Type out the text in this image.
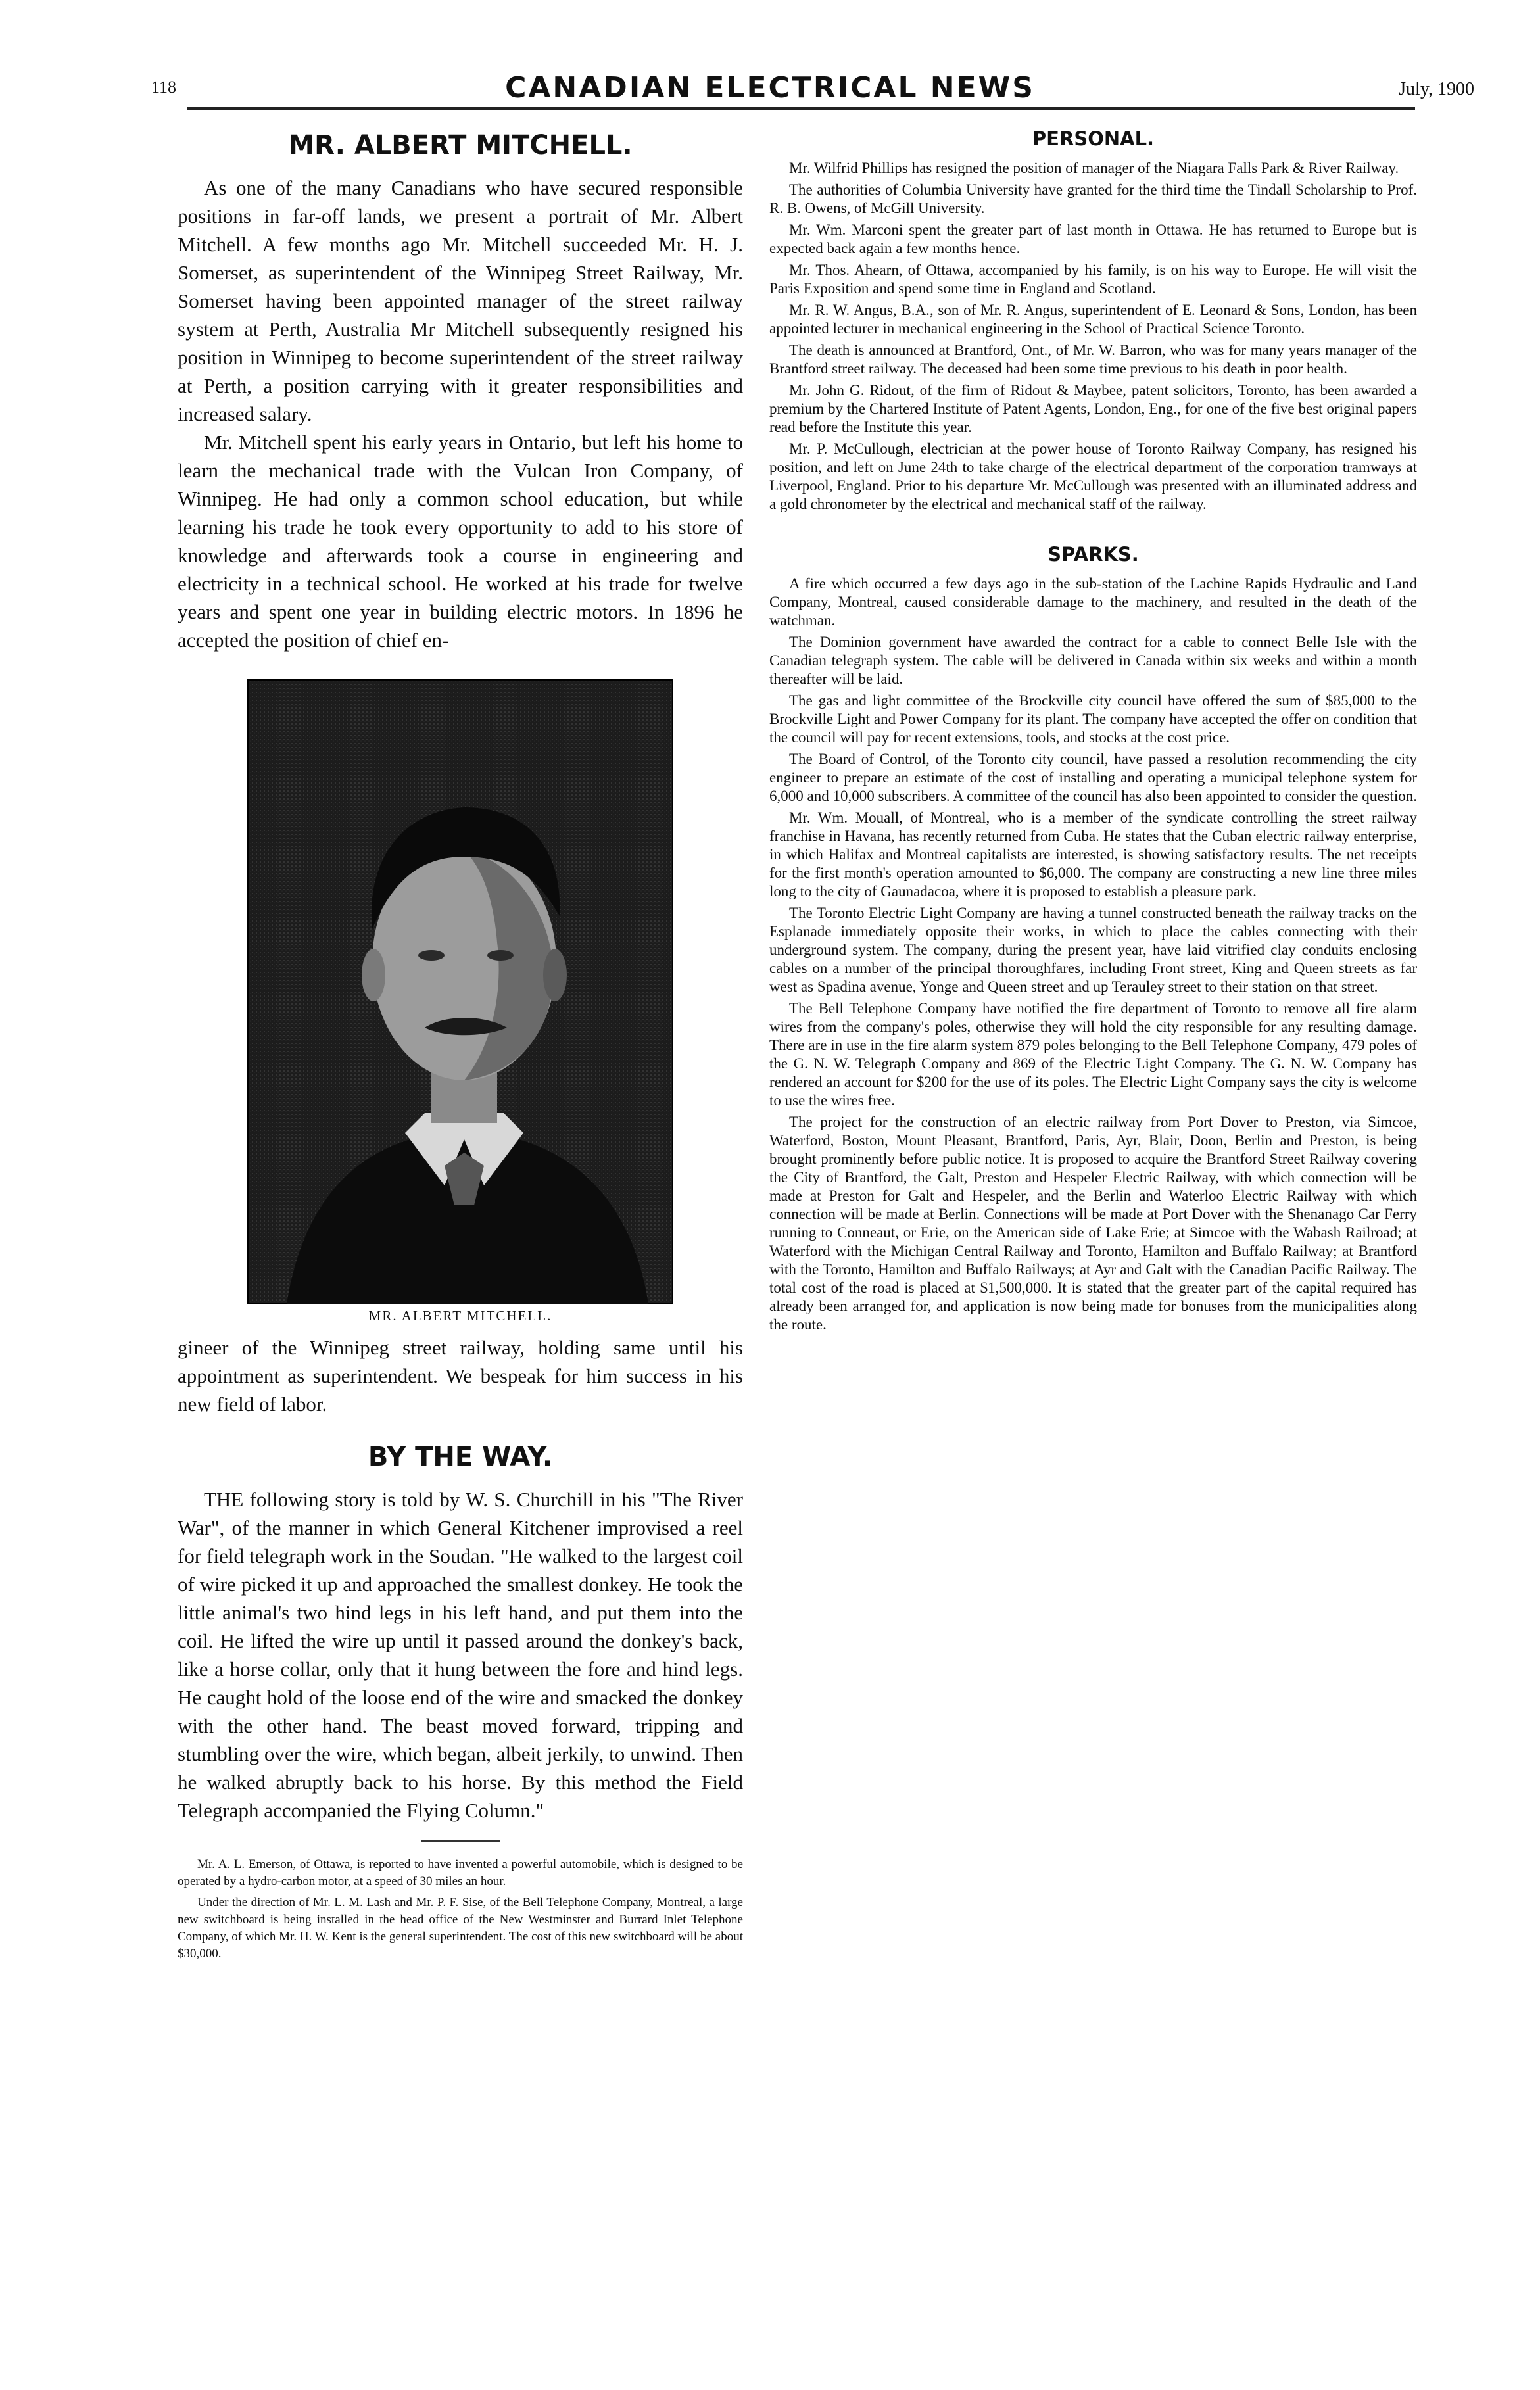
118	CANADIAN ELECTRICAL NEWS	July, 1900
MR. ALBERT MITCHELL.

As one of the many Canadians who have secured responsible positions in far-off lands, we present a portrait of Mr. Albert Mitchell. A few months ago Mr. Mitchell succeeded Mr. H. J. Somerset, as superintendent of the Winnipeg Street Railway, Mr. Somerset having been appointed manager of the street railway system at Perth, Australia Mr Mitchell subsequently resigned his position in Winnipeg to become superintendent of the street railway at Perth, a position carrying with it greater responsibilities and increased salary.

Mr. Mitchell spent his early years in Ontario, but left his home to learn the mechanical trade with the Vulcan Iron Company, of Winnipeg. He had only a common school education, but while learning his trade he took every opportunity to add to his store of knowledge and afterwards took a course in engineering and electricity in a technical school. He worked at his trade for twelve years and spent one year in building electric motors. In 1896 he accepted the position of chief en-

MR. ALBERT MITCHELL.

gineer of the Winnipeg street railway, holding same until his appointment as superintendent. We bespeak for him success in his new field of labor.

BY THE WAY.

THE following story is told by W. S. Churchill in his "The River War", of the manner in which General Kitchener improvised a reel for field telegraph work in the Soudan. "He walked to the largest coil of wire picked it up and approached the smallest donkey. He took the little animal's two hind legs in his left hand, and put them into the coil. He lifted the wire up until it passed around the donkey's back, like a horse collar, only that it hung between the fore and hind legs. He caught hold of the loose end of the wire and smacked the donkey with the other hand. The beast moved forward, tripping and stumbling over the wire, which began, albeit jerkily, to unwind. Then he walked abruptly back to his horse. By this method the Field Telegraph accompanied the Flying Column."

Mr. A. L. Emerson, of Ottawa, is reported to have invented a powerful automobile, which is designed to be operated by a hydro-carbon motor, at a speed of 30 miles an hour.

Under the direction of Mr. L. M. Lash and Mr. P. F. Sise, of the Bell Telephone Company, Montreal, a large new switchboard is being installed in the head office of the New Westminster and Burrard Inlet Telephone Company, of which Mr. H. W. Kent is the general superintendent. The cost of this new switchboard will be about $30,000.

PERSONAL.

Mr. Wilfrid Phillips has resigned the position of manager of the Niagara Falls Park & River Railway.

The authorities of Columbia University have granted for the third time the Tindall Scholarship to Prof. R. B. Owens, of McGill University.

Mr. Wm. Marconi spent the greater part of last month in Ottawa. He has returned to Europe but is expected back again a few months hence.

Mr. Thos. Ahearn, of Ottawa, accompanied by his family, is on his way to Europe. He will visit the Paris Exposition and spend some time in England and Scotland.

Mr. R. W. Angus, B.A., son of Mr. R. Angus, superintendent of E. Leonard & Sons, London, has been appointed lecturer in mechanical engineering in the School of Practical Science Toronto.

The death is announced at Brantford, Ont., of Mr. W. Barron, who was for many years manager of the Brantford street railway. The deceased had been some time previous to his death in poor health.

Mr. John G. Ridout, of the firm of Ridout & Maybee, patent solicitors, Toronto, has been awarded a premium by the Chartered Institute of Patent Agents, London, Eng., for one of the five best original papers read before the Institute this year.

Mr. P. McCullough, electrician at the power house of Toronto Railway Company, has resigned his position, and left on June 24th to take charge of the electrical department of the corporation tramways at Liverpool, England. Prior to his departure Mr. McCullough was presented with an illuminated address and a gold chronometer by the electrical and mechanical staff of the railway.

SPARKS.

A fire which occurred a few days ago in the sub-station of the Lachine Rapids Hydraulic and Land Company, Montreal, caused considerable damage to the machinery, and resulted in the death of the watchman.

The Dominion government have awarded the contract for a cable to connect Belle Isle with the Canadian telegraph system. The cable will be delivered in Canada within six weeks and within a month thereafter will be laid.

The gas and light committee of the Brockville city council have offered the sum of $85,000 to the Brockville Light and Power Company for its plant. The company have accepted the offer on condition that the council will pay for recent extensions, tools, and stocks at the cost price.

The Board of Control, of the Toronto city council, have passed a resolution recommending the city engineer to prepare an estimate of the cost of installing and operating a municipal telephone system for 6,000 and 10,000 subscribers. A committee of the council has also been appointed to consider the question.

Mr. Wm. Mouall, of Montreal, who is a member of the syndicate controlling the street railway franchise in Havana, has recently returned from Cuba. He states that the Cuban electric railway enterprise, in which Halifax and Montreal capitalists are interested, is showing satisfactory results. The net receipts for the first month's operation amounted to $6,000. The company are constructing a new line three miles long to the city of Gaunadacoa, where it is proposed to establish a pleasure park.

The Toronto Electric Light Company are having a tunnel constructed beneath the railway tracks on the Esplanade immediately opposite their works, in which to place the cables connecting with their underground system. The company, during the present year, have laid vitrified clay conduits enclosing cables on a number of the principal thoroughfares, including Front street, King and Queen streets as far west as Spadina avenue, Yonge and Queen street and up Terauley street to their station on that street.

The Bell Telephone Company have notified the fire department of Toronto to remove all fire alarm wires from the company's poles, otherwise they will hold the city responsible for any resulting damage. There are in use in the fire alarm system 879 poles belonging to the Bell Telephone Company, 479 poles of the G. N. W. Telegraph Company and 869 of the Electric Light Company. The G. N. W. Company has rendered an account for $200 for the use of its poles. The Electric Light Company says the city is welcome to use the wires free.

The project for the construction of an electric railway from Port Dover to Preston, via Simcoe, Waterford, Boston, Mount Pleasant, Brantford, Paris, Ayr, Blair, Doon, Berlin and Preston, is being brought prominently before public notice. It is proposed to acquire the Brantford Street Railway covering the City of Brantford, the Galt, Preston and Hespeler Electric Railway, with which connection will be made at Preston for Galt and Hespeler, and the Berlin and Waterloo Electric Railway with which connection will be made at Berlin. Connections will be made at Port Dover with the Shenanago Car Ferry running to Conneaut, or Erie, on the American side of Lake Erie; at Simcoe with the Wabash Railroad; at Waterford with the Michigan Central Railway and Toronto, Hamilton and Buffalo Railway; at Brantford with the Toronto, Hamilton and Buffalo Railways; at Ayr and Galt with the Canadian Pacific Railway. The total cost of the road is placed at $1,500,000. It is stated that the greater part of the capital required has already been arranged for, and application is now being made for bonuses from the municipalities along the route.
